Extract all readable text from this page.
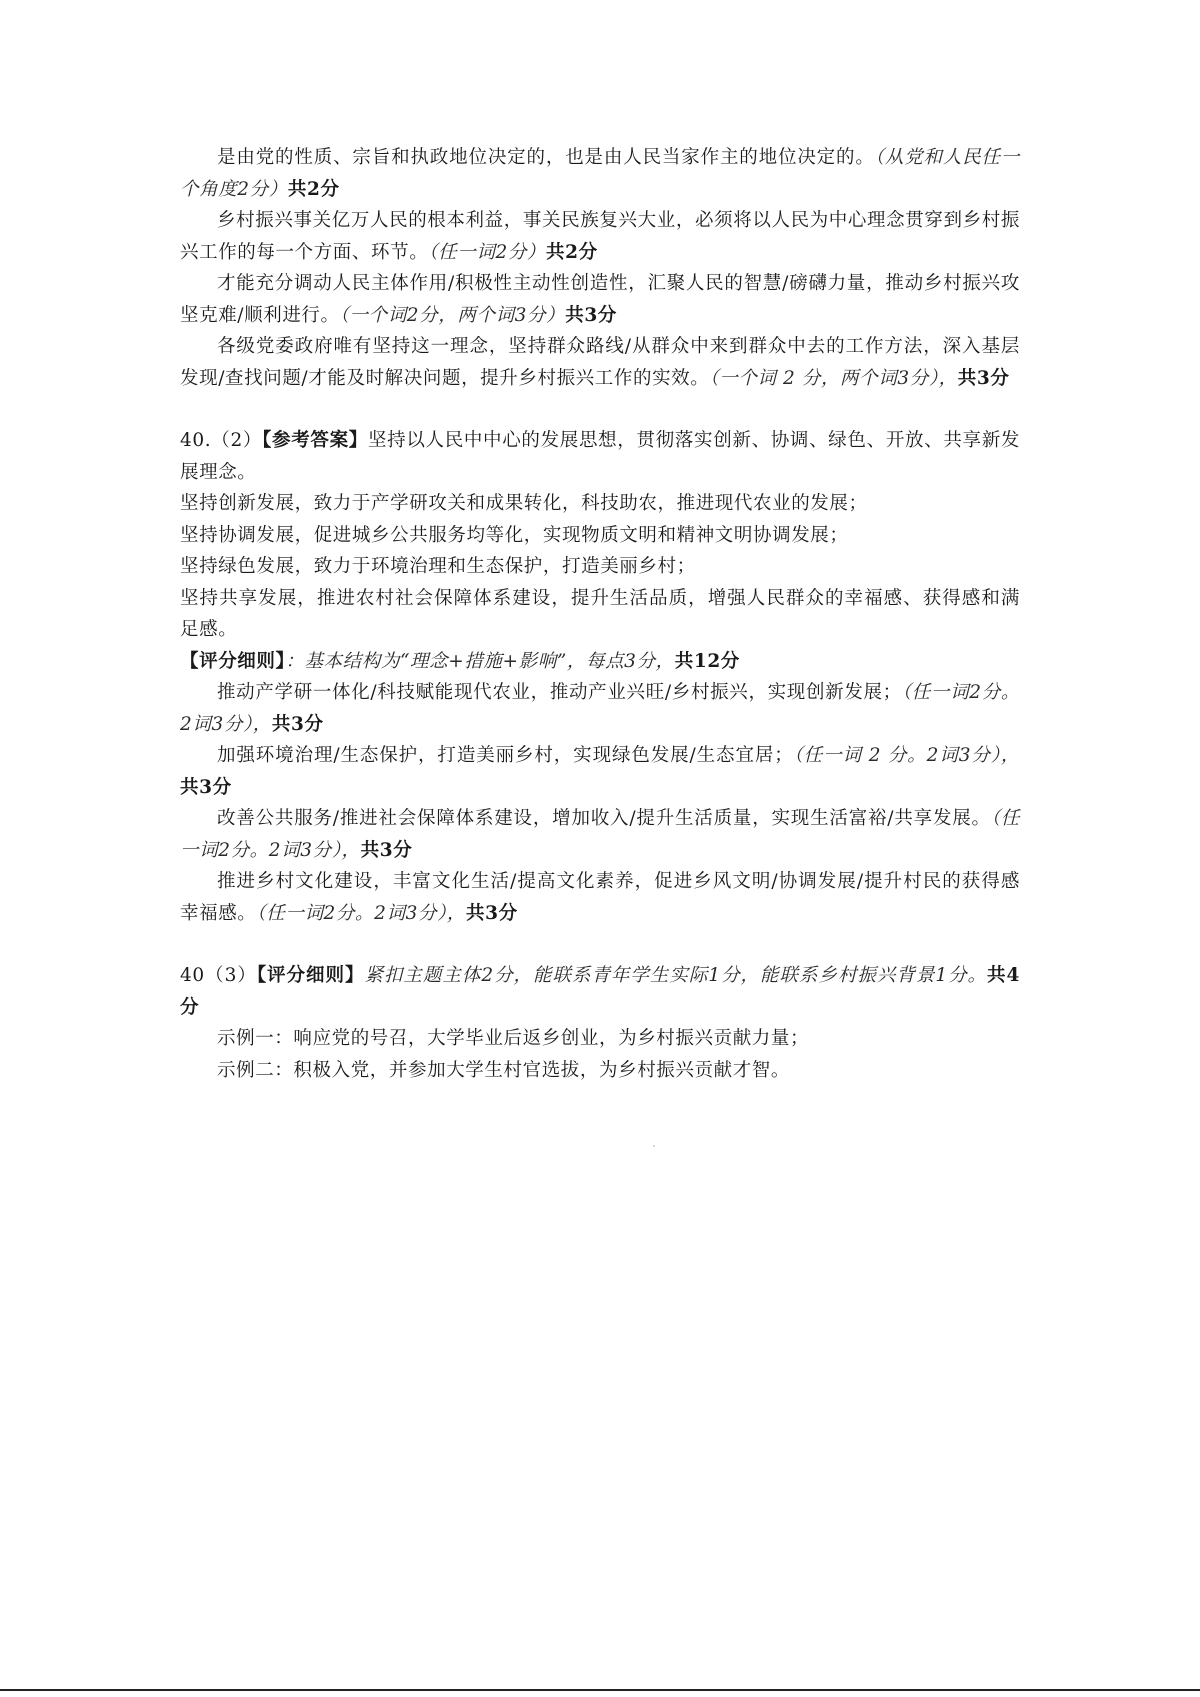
是由党的性质、宗旨和执政地位决定的，也是由人民当家作主的地位决定的。（从党和人民任一个角度2分）共2分

乡村振兴事关亿万人民的根本利益，事关民族复兴大业，必须将以人民为中心理念贯穿到乡村振兴工作的每一个方面、环节。（任一词2分）共2分

才能充分调动人民主体作用/积极性主动性创造性，汇聚人民的智慧/磅礴力量，推动乡村振兴攻坚克难/顺利进行。（一个词2分，两个词3分）共3分

各级党委政府唯有坚持这一理念，坚持群众路线/从群众中来到群众中去的工作方法，深入基层发现/查找问题/才能及时解决问题，提升乡村振兴工作的实效。（一个词 2 分，两个词3分），共3分

40.（2）【参考答案】坚持以人民中中心的发展思想，贯彻落实创新、协调、绿色、开放、共享新发展理念。

坚持创新发展，致力于产学研攻关和成果转化，科技助农，推进现代农业的发展；

坚持协调发展，促进城乡公共服务均等化，实现物质文明和精神文明协调发展；

坚持绿色发展，致力于环境治理和生态保护，打造美丽乡村；

坚持共享发展，推进农村社会保障体系建设，提升生活品质，增强人民群众的幸福感、获得感和满足感。

【评分细则】：基本结构为“理念+措施+影响”，每点3分，共12分

推动产学研一体化/科技赋能现代农业，推动产业兴旺/乡村振兴，实现创新发展；（任一词2分。2词3分），共3分

加强环境治理/生态保护，打造美丽乡村，实现绿色发展/生态宜居；（任一词 2 分。2词3分），共3分

改善公共服务/推进社会保障体系建设，增加收入/提升生活质量，实现生活富裕/共享发展。（任一词2分。2词3分），共3分

推进乡村文化建设，丰富文化生活/提高文化素养，促进乡风文明/协调发展/提升村民的获得感幸福感。（任一词2分。2词3分），共3分

40（3）【评分细则】紧扣主题主体2分，能联系青年学生实际1分，能联系乡村振兴背景1分。共4分

示例一：响应党的号召，大学毕业后返乡创业，为乡村振兴贡献力量；

示例二：积极入党，并参加大学生村官选拔，为乡村振兴贡献才智。
